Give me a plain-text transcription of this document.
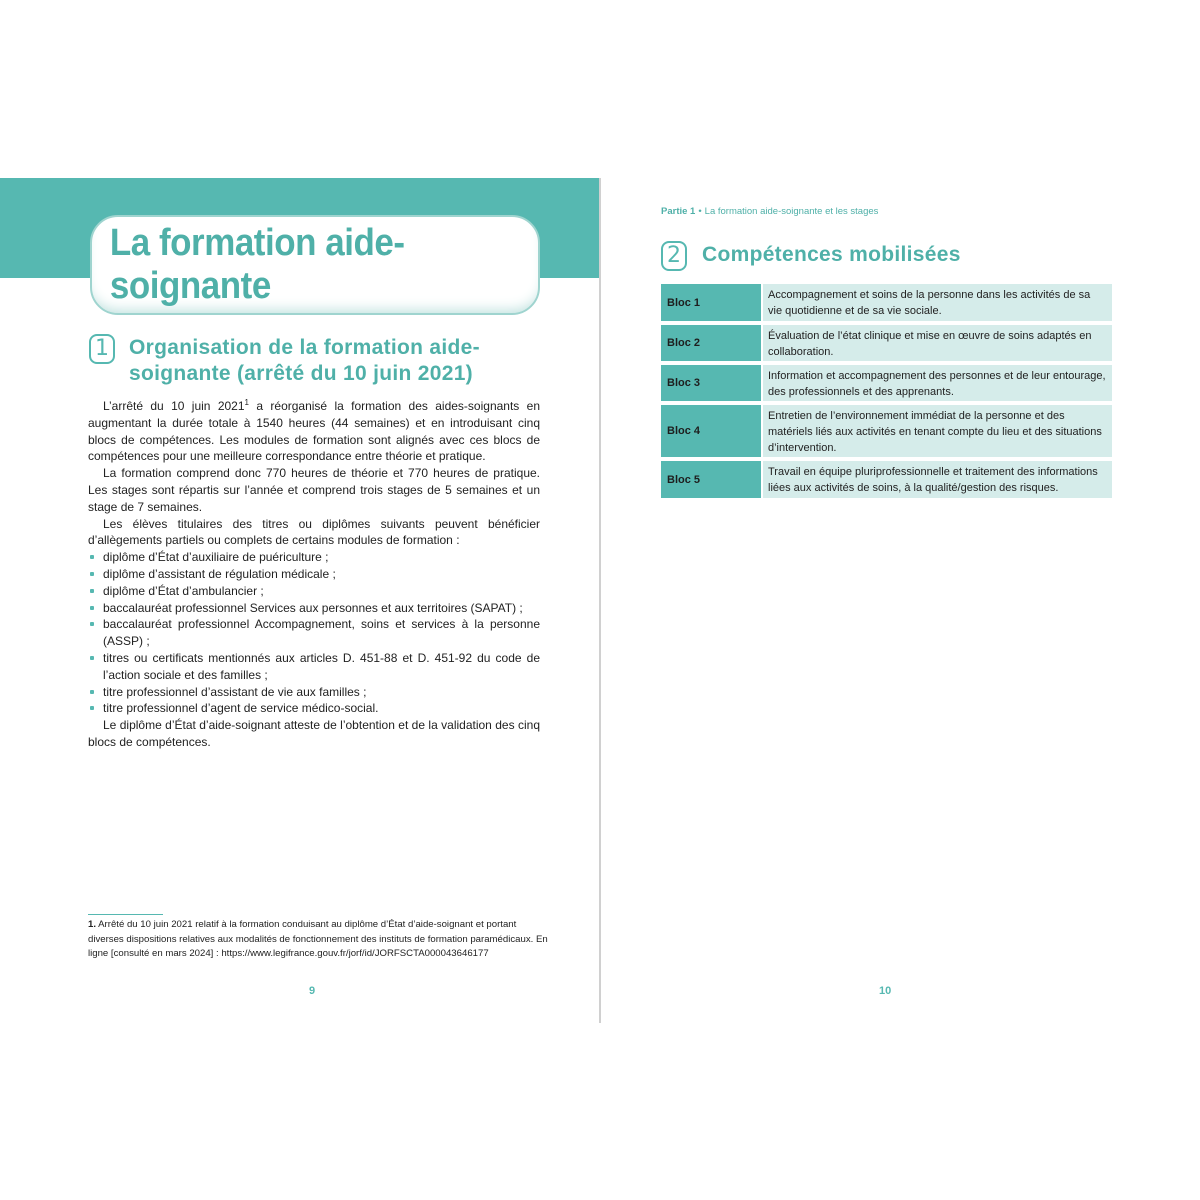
La formation aide-soignante
1 Organisation de la formation aide-
soignante (arrêté du 10 juin 2021)

L’arrêté du 10 juin 2021$^1$ a réorganisé la formation des aides-soignants en augmentant la durée totale à 1540 heures (44 semaines) et en introduisant cinq blocs de compétences. Les modules de formation sont alignés avec ces blocs de compétences pour une meilleure correspondance entre théorie et pratique.

La formation comprend donc 770 heures de théorie et 770 heures de pratique. Les stages sont répartis sur l’année et comprend trois stages de 5 semaines et un stage de 7 semaines.

Les élèves titulaires des titres ou diplômes suivants peuvent bénéficier d’allègements partiels ou complets de certains modules de formation :

diplôme d’État d’auxiliaire de puériculture ;
diplôme d’assistant de régulation médicale ;
diplôme d’État d’ambulancier ;
baccalauréat professionnel Services aux personnes et aux territoires (SAPAT) ;
baccalauréat professionnel Accompagnement, soins et services à la personne (ASSP) ;
titres ou certificats mentionnés aux articles D. 451-88 et D. 451-92 du code de l’action sociale et des familles ;
titre professionnel d’assistant de vie aux familles ;
titre professionnel d’agent de service médico-social.

Le diplôme d’État d’aide-soignant atteste de l’obtention et de la validation des cinq blocs de compétences.

1. Arrêté du 10 juin 2021 relatif à la formation conduisant au diplôme d’État d’aide-soignant et portant diverses dispositions relatives aux modalités de fonctionnement des instituts de formation paramédicaux. En ligne [consulté en mars 2024] : https://www.legifrance.gouv.fr/jorf/id/JORFSCTA000043646177
9
Partie 1 • La formation aide-soignante et les stages
2 Compétences mobilisées
Bloc 1
Accompagnement et soins de la personne dans les activités de sa vie quotidienne et de sa vie sociale.
Bloc 2
Évaluation de l’état clinique et mise en œuvre de soins adaptés en collaboration.
Bloc 3
Information et accompagnement des personnes et de leur entourage, des professionnels et des apprenants.
Bloc 4
Entretien de l’environnement immédiat de la personne et des matériels liés aux activités en tenant compte du lieu et des situations d’intervention.
Bloc 5
Travail en équipe pluriprofessionnelle et traitement des informations liées aux activités de soins, à la qualité/gestion des risques.
10
